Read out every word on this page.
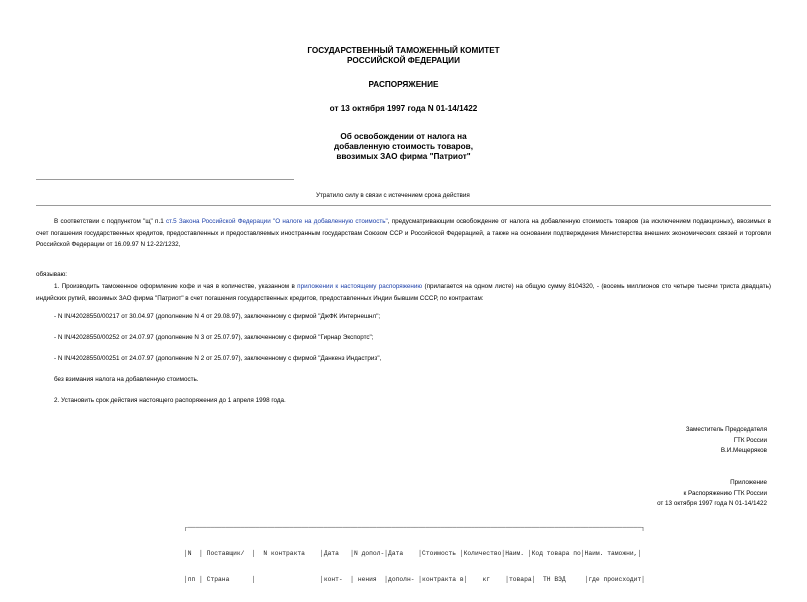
ГОСУДАРСТВЕННЫЙ ТАМОЖЕННЫЙ КОМИТЕТ
РОССИЙСКОЙ ФЕДЕРАЦИИ
РАСПОРЯЖЕНИЕ
от 13 октября 1997 года N 01-14/1422
Об освобождении от налога на
добавленную стоимость товаров,
ввозимых ЗАО фирма "Патриот"
Утратило силу в связи с истечением срока действия
В соответствии с подпунктом "щ" п.1 ст.5 Закона Российской Федерации "О налоге на добавленную стоимость", предусматривающим освобождение от налога на добавленную стоимость товаров (за исключением подакцизных), ввозимых в счет погашения государственных кредитов, предоставленных и предоставляемых иностранным государствам Союзом ССР и Российской Федерацией, а также на основании подтверждения Министерства внешних экономических связей и торговли Российской Федерации от 16.09.97 N 12-22/1232,
обязываю:
1. Производить таможенное оформление кофе и чая в количестве, указанном в приложении к настоящему распоряжению (прилагается на одном листе) на общую сумму 8104320, - (восемь миллионов сто четыре тысячи триста двадцать) индийских рупий, ввозимых ЗАО фирма "Патриот" в счет погашения государственных кредитов, предоставленных Индии бывшим СССР, по контрактам:
- N IN/42028550/00217 от 30.04.97 (дополнение N 4 от 29.08.97), заключенному с фирмой "ДжФК Интернешнл";
- N IN/42028550/00252 от 24.07.97 (дополнение N 3 от 25.07.97), заключенному с фирмой "Гирнар Экспортс";
- N IN/42028550/00251 от 24.07.97 (дополнение N 2 от 25.07.97), заключенному с фирмой "Данкенз Индастриз",
без взимания налога на добавленную стоимость.
2. Установить срок действия настоящего распоряжения до 1 апреля 1998 года.
Заместитель Председателя
ГТК России
В.И.Мещеряков
Приложение
к Распоряжению ГТК России
от 13 октября 1997 года N 01-14/1422

┌────────────────────────────────────────────────────────────────────────────────────────────────────────────────────────┐

│N  │ Поставщик/  │  N контракта    │Дата   │N допол-│Дата    │Стоимость │Количество│Наим. │Код товара по│Наим. таможни,│

│пп │ Страна      │                 │конт-  │ нения  │дополн- │контракта в│    кг    │товара│  ТН ВЭД     │где происходит│
